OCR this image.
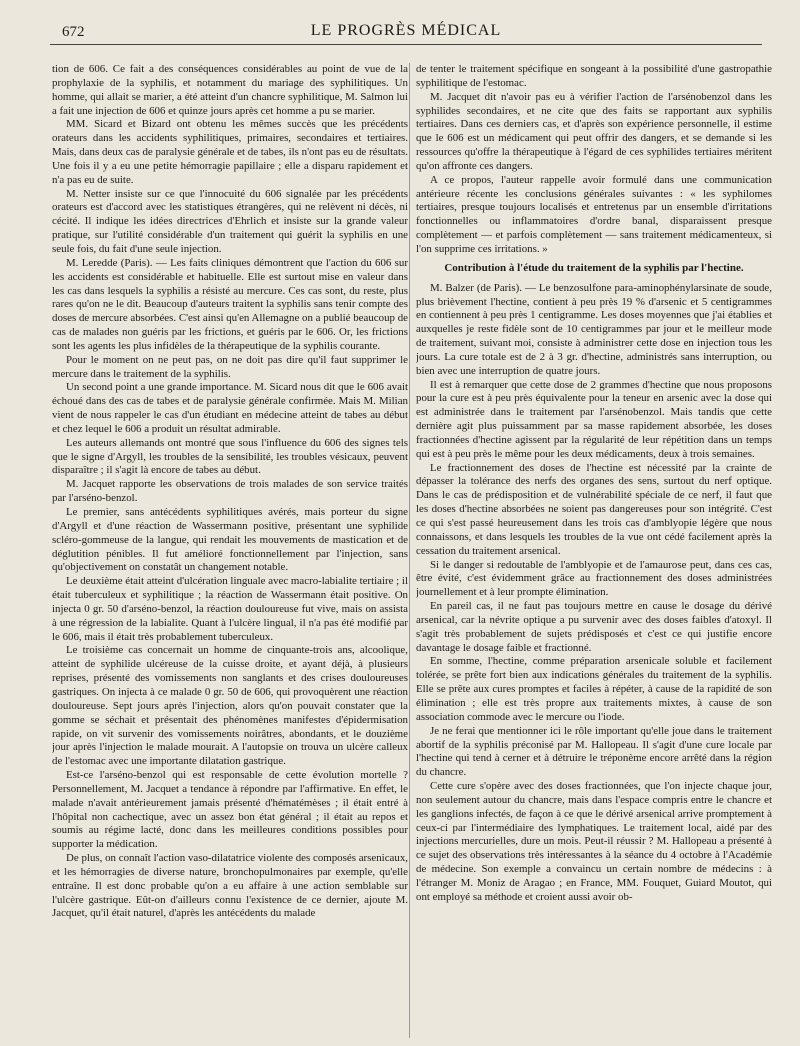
672	LE PROGRÈS MÉDICAL

tion de 606. Ce fait a des conséquences considérables au point de vue de la prophylaxie de la syphilis, et notamment du mariage des syphilitiques. Un homme, qui allait se marier, a été atteint d'un chancre syphilitique, M. Salmon lui a fait une injection de 606 et quinze jours après cet homme a pu se marier.

MM. Sicard et Bizard ont obtenu les mêmes succès que les précédents orateurs dans les accidents syphilitiques, primaires, secondaires et tertiaires. Mais, dans deux cas de paralysie générale et de tabes, ils n'ont pas eu de résultats. Une fois il y a eu une petite hémorragie papillaire ; elle a disparu rapidement et n'a pas eu de suite.

M. Netter insiste sur ce que l'innocuité du 606 signalée par les précédents orateurs est d'accord avec les statistiques étrangères, qui ne relèvent ni décès, ni cécité. Il indique les idées directrices d'Ehrlich et insiste sur la grande valeur pratique, sur l'utilité considérable d'un traitement qui guérit la syphilis en une seule fois, du fait d'une seule injection.

M. Leredde (Paris). — Les faits cliniques démontrent que l'action du 606 sur les accidents est considérable et habituelle. Elle est surtout mise en valeur dans les cas dans lesquels la syphilis a résisté au mercure. Ces cas sont, du reste, plus rares qu'on ne le dit. Beaucoup d'auteurs traitent la syphilis sans tenir compte des doses de mercure absorbées. C'est ainsi qu'en Allemagne on a publié beaucoup de cas de malades non guéris par les frictions, et guéris par le 606. Or, les frictions sont les agents les plus infidèles de la thérapeutique de la syphilis courante.

Pour le moment on ne peut pas, on ne doit pas dire qu'il faut supprimer le mercure dans le traitement de la syphilis.

Un second point a une grande importance. M. Sicard nous dit que le 606 avait échoué dans des cas de tabes et de paralysie générale confirmée. Mais M. Milian vient de nous rappeler le cas d'un étudiant en médecine atteint de tabes au début et chez lequel le 606 a produit un résultat admirable.

Les auteurs allemands ont montré que sous l'influence du 606 des signes tels que le signe d'Argyll, les troubles de la sensibilité, les troubles vésicaux, peuvent disparaître ; il s'agit là encore de tabes au début.

M. Jacquet rapporte les observations de trois malades de son service traités par l'arséno-benzol.

Le premier, sans antécédents syphilitiques avérés, mais porteur du signe d'Argyll et d'une réaction de Wassermann positive, présentant une syphilide scléro-gommeuse de la langue, qui rendait les mouvements de mastication et de déglutition pénibles. Il fut amélioré fonctionnellement par l'injection, sans qu'objectivement on constatât un changement notable.

Le deuxième était atteint d'ulcération linguale avec macro-labialite tertiaire ; il était tuberculeux et syphilitique ; la réaction de Wassermann était positive. On injecta 0 gr. 50 d'arséno-benzol, la réaction douloureuse fut vive, mais on assista à une régression de la labialite. Quant à l'ulcère lingual, il n'a pas été modifié par le 606, mais il était très probablement tuberculeux.

Le troisième cas concernait un homme de cinquante-trois ans, alcoolique, atteint de syphilide ulcéreuse de la cuisse droite, et ayant déjà, à plusieurs reprises, présenté des vomissements non sanglants et des crises douloureuses gastriques. On injecta à ce malade 0 gr. 50 de 606, qui provoquèrent une réaction douloureuse. Sept jours après l'injection, alors qu'on pouvait constater que la gomme se séchait et présentait des phénomènes manifestes d'épidermisation rapide, on vit survenir des vomissements noirâtres, abondants, et le douzième jour après l'injection le malade mourait. A l'autopsie on trouva un ulcère calleux de l'estomac avec une importante dilatation gastrique.

Est-ce l'arséno-benzol qui est responsable de cette évolution mortelle ? Personnellement, M. Jacquet a tendance à répondre par l'affirmative. En effet, le malade n'avait antérieurement jamais présenté d'hématémèses ; il était entré à l'hôpital non cachectique, avec un assez bon état général ; il était au repos et soumis au régime lacté, donc dans les meilleures conditions possibles pour supporter la médication.

De plus, on connaît l'action vaso-dilatatrice violente des composés arsenicaux, et les hémorragies de diverse nature, bronchopulmonaires par exemple, qu'elle entraîne. Il est donc probable qu'on a eu affaire à une action semblable sur l'ulcère gastrique. Eût-on d'ailleurs connu l'existence de ce dernier, ajoute M. Jacquet, qu'il était naturel, d'après les antécédents du malade

de tenter le traitement spécifique en songeant à la possibilité d'une gastropathie syphilitique de l'estomac.

M. Jacquet dit n'avoir pas eu à vérifier l'action de l'arsénobenzol dans les syphilides secondaires, et ne cite que des faits se rapportant aux syphilis tertiaires. Dans ces derniers cas, et d'après son expérience personnelle, il estime que le 606 est un médicament qui peut offrir des dangers, et se demande si les ressources qu'offre la thérapeutique à l'égard de ces syphilides tertiaires méritent qu'on affronte ces dangers.

A ce propos, l'auteur rappelle avoir formulé dans une communication antérieure récente les conclusions générales suivantes : « les syphilomes tertiaires, presque toujours localisés et entretenus par un ensemble d'irritations fonctionnelles ou inflammatoires d'ordre banal, disparaissent presque complètement — et parfois complètement — sans traitement médicamenteux, si l'on supprime ces irritations. »

Contribution à l'étude du traitement de la syphilis par l'hectine.

M. Balzer (de Paris). — Le benzosulfone para-aminophénylarsinate de soude, plus brièvement l'hectine, contient à peu près 19 % d'arsenic et 5 centigrammes en contiennent à peu près 1 centigramme. Les doses moyennes que j'ai établies et auxquelles je reste fidèle sont de 10 centigrammes par jour et le meilleur mode de traitement, suivant moi, consiste à administrer cette dose en injection tous les jours. La cure totale est de 2 à 3 gr. d'hectine, administrés sans interruption, ou bien avec une interruption de quatre jours.

Il est à remarquer que cette dose de 2 grammes d'hectine que nous proposons pour la cure est à peu près équivalente pour la teneur en arsenic avec la dose qui est administrée dans le traitement par l'arsénobenzol. Mais tandis que cette dernière agit plus puissamment par sa masse rapidement absorbée, les doses fractionnées d'hectine agissent par la régularité de leur répétition dans un temps qui est à peu près le même pour les deux médicaments, deux à trois semaines.

Le fractionnement des doses de l'hectine est nécessité par la crainte de dépasser la tolérance des nerfs des organes des sens, surtout du nerf optique. Dans le cas de prédisposition et de vulnérabilité spéciale de ce nerf, il faut que les doses d'hectine absorbées ne soient pas dangereuses pour son intégrité. C'est ce qui s'est passé heureusement dans les trois cas d'amblyopie légère que nous connaissons, et dans lesquels les troubles de la vue ont cédé facilement après la cessation du traitement arsenical.

Si le danger si redoutable de l'amblyopie et de l'amaurose peut, dans ces cas, être évité, c'est évidemment grâce au fractionnement des doses administrées journellement et à leur prompte élimination.

En pareil cas, il ne faut pas toujours mettre en cause le dosage du dérivé arsenical, car la névrite optique a pu survenir avec des doses faibles d'atoxyl. Il s'agit très probablement de sujets prédisposés et c'est ce qui justifie encore davantage le dosage faible et fractionné.

En somme, l'hectine, comme préparation arsenicale soluble et facilement tolérée, se prête fort bien aux indications générales du traitement de la syphilis. Elle se prête aux cures promptes et faciles à répéter, à cause de la rapidité de son élimination ; elle est très propre aux traitements mixtes, à cause de son association commode avec le mercure ou l'iode.

Je ne ferai que mentionner ici le rôle important qu'elle joue dans le traitement abortif de la syphilis préconisé par M. Hallopeau. Il s'agit d'une cure locale par l'hectine qui tend à cerner et à détruire le tréponème encore arrêté dans la région du chancre.

Cette cure s'opère avec des doses fractionnées, que l'on injecte chaque jour, non seulement autour du chancre, mais dans l'espace compris entre le chancre et les ganglions infectés, de façon à ce que le dérivé arsenical arrive promptement à ceux-ci par l'intermédiaire des lymphatiques. Le traitement local, aidé par des injections mercurielles, dure un mois. Peut-il réussir ? M. Hallopeau a présenté à ce sujet des observations très intéressantes à la séance du 4 octobre à l'Académie de médecine. Son exemple a convaincu un certain nombre de médecins : à l'étranger M. Moniz de Aragao ; en France, MM. Fouquet, Guiard Moutot, qui ont employé sa méthode et croient aussi avoir ob-
